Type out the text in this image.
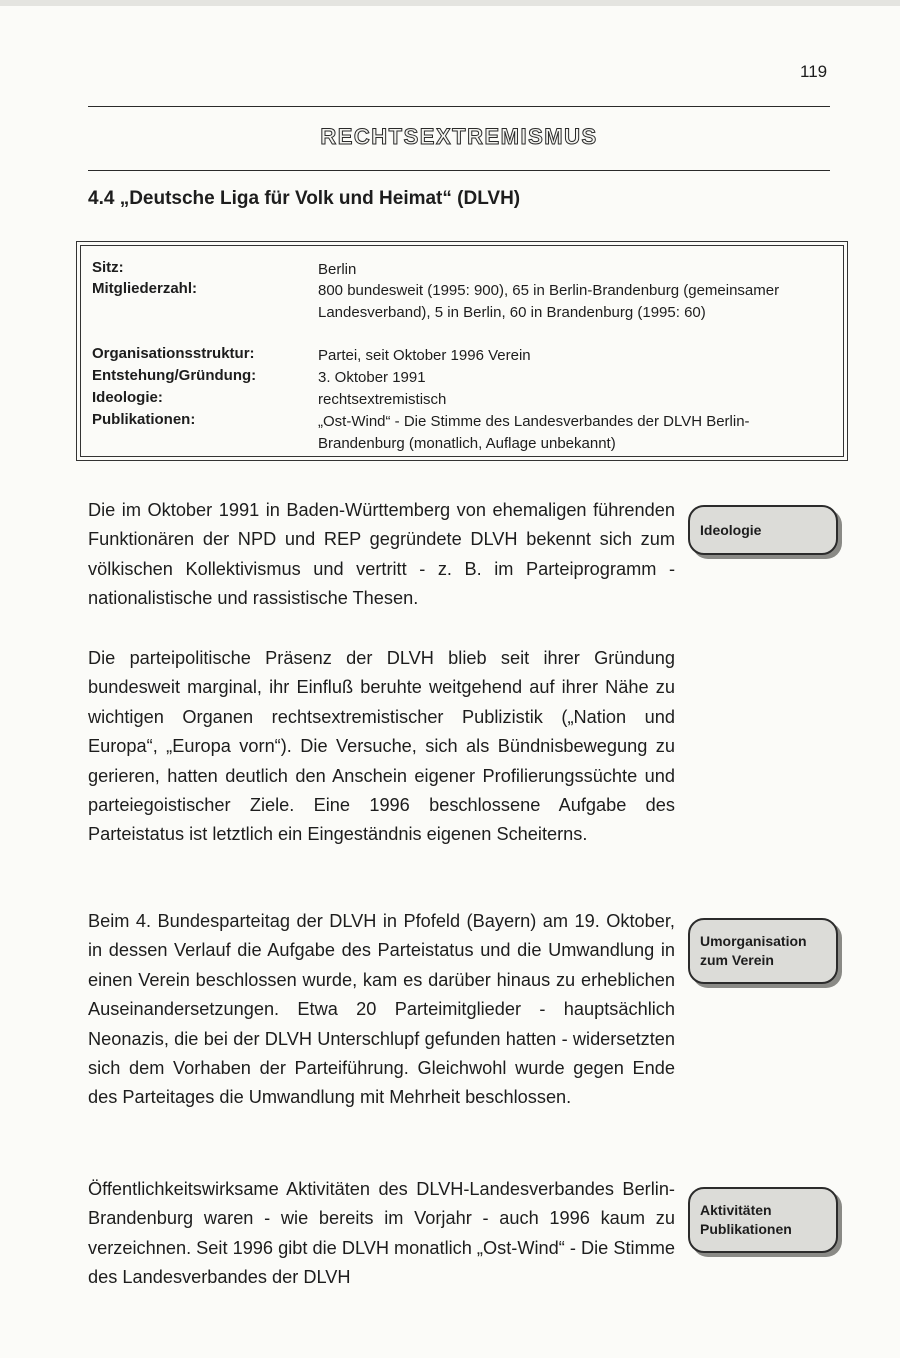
119
RECHTSEXTREMISMUS
4.4 „Deutsche Liga für Volk und Heimat“ (DLVH)
Sitz:	Berlin
Mitgliederzahl:	800 bundesweit (1995: 900), 65 in Berlin-Brandenburg (gemeinsamer Landesverband), 5 in Berlin, 60 in Brandenburg (1995: 60)
Organisationsstruktur:	Partei, seit Oktober 1996 Verein
Entstehung/Gründung:	3. Oktober 1991
Ideologie:	rechtsextremistisch
Publikationen:	„Ost-Wind“ - Die Stimme des Landesverbandes der DLVH Berlin-Brandenburg (monatlich, Auflage unbekannt)
Die im Oktober 1991 in Baden-Württemberg von ehemaligen führenden Funktionären der NPD und REP gegründete DLVH bekennt sich zum völkischen Kollektivismus und vertritt - z. B. im Parteiprogramm - nationalistische und rassistische Thesen.
Ideologie
Die parteipolitische Präsenz der DLVH blieb seit ihrer Gründung bundesweit marginal, ihr Einfluß beruhte weitgehend auf ihrer Nähe zu wichtigen Organen rechtsextremistischer Publizistik („Nation und Europa“, „Europa vorn“). Die Versuche, sich als Bündnisbewegung zu gerieren, hatten deutlich den Anschein eigener Profilierungssüchte und parteiegoistischer Ziele. Eine 1996 beschlossene Aufgabe des Parteistatus ist letztlich ein Eingeständnis eigenen Scheiterns.
Beim 4. Bundesparteitag der DLVH in Pfofeld (Bayern) am 19. Oktober, in dessen Verlauf die Aufgabe des Parteistatus und die Umwandlung in einen Verein beschlossen wurde, kam es darüber hinaus zu erheblichen Auseinandersetzungen. Etwa 20 Parteimitglieder - hauptsächlich Neonazis, die bei der DLVH Unterschlupf gefunden hatten - widersetzten sich dem Vorhaben der Parteiführung. Gleichwohl wurde gegen Ende des Parteitages die Umwandlung mit Mehrheit beschlossen.
Umorganisation zum Verein
Öffentlichkeitswirksame Aktivitäten des DLVH-Landesverbandes Berlin-Brandenburg waren - wie bereits im Vorjahr - auch 1996 kaum zu verzeichnen. Seit 1996 gibt die DLVH monatlich „Ost-Wind“ - Die Stimme des Landesverbandes der DLVH
Aktivitäten Publikationen
